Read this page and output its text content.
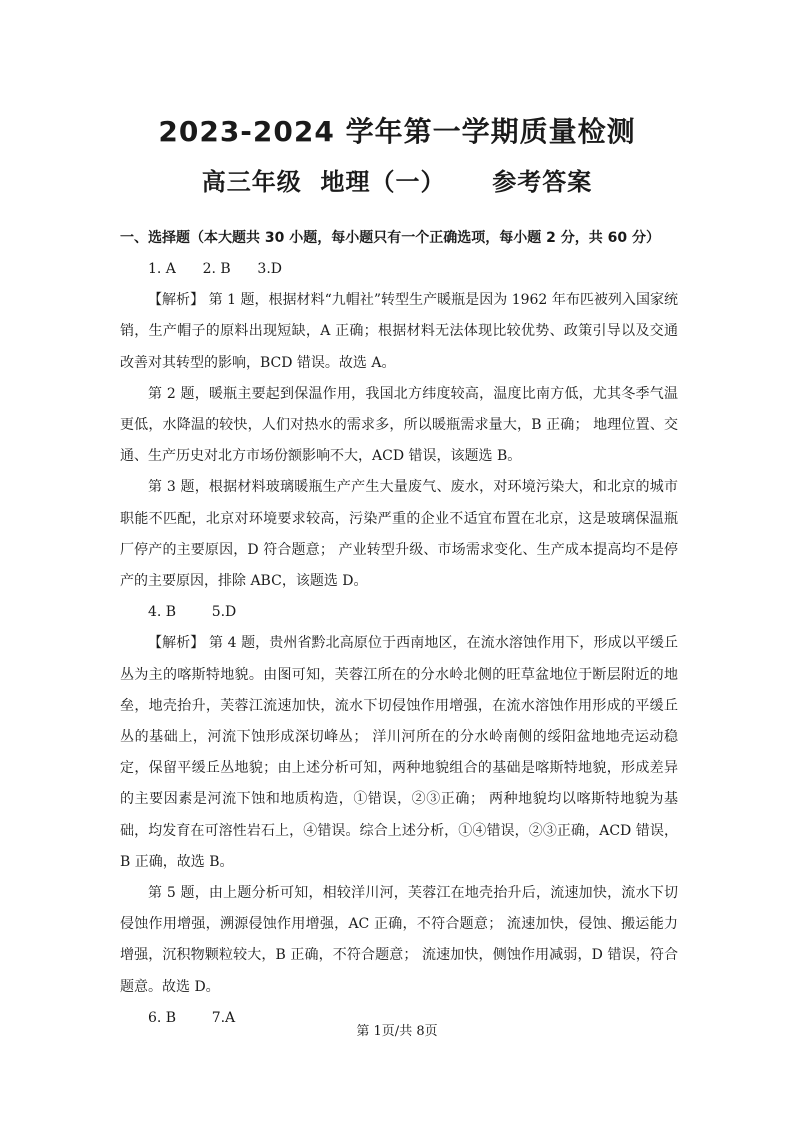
2023-2024 学年第一学期质量检测
高三年级  地理（一）     参考答案
一、选择题（本大题共 30 小题，每小题只有一个正确选项，每小题 2 分，共 60 分）

1. A      2. B      3.D

【解析】 第 1 题，根据材料“九帽社”转型生产暖瓶是因为 1962 年布匹被列入国家统销，生产帽子的原料出现短缺，A 正确；根据材料无法体现比较优势、政策引导以及交通改善对其转型的影响，BCD 错误。故选 A。

第 2 题，暖瓶主要起到保温作用，我国北方纬度较高，温度比南方低，尤其冬季气温更低，水降温的较快，人们对热水的需求多，所以暖瓶需求量大，B 正确； 地理位置、交通、生产历史对北方市场份额影响不大，ACD 错误，该题选 B。

第 3 题，根据材料玻璃暖瓶生产产生大量废气、废水，对环境污染大，和北京的城市职能不匹配，北京对环境要求较高，污染严重的企业不适宜布置在北京，这是玻璃保温瓶厂停产的主要原因，D 符合题意； 产业转型升级、市场需求变化、生产成本提高均不是停产的主要原因，排除 ABC，该题选 D。

4. B        5.D

【解析】 第 4 题，贵州省黔北高原位于西南地区，在流水溶蚀作用下，形成以平缓丘丛为主的喀斯特地貌。由图可知，芙蓉江所在的分水岭北侧的旺草盆地位于断层附近的地垒，地壳抬升，芙蓉江流速加快，流水下切侵蚀作用增强，在流水溶蚀作用形成的平缓丘丛的基础上，河流下蚀形成深切峰丛； 洋川河所在的分水岭南侧的绥阳盆地地壳运动稳定，保留平缓丘丛地貌；由上述分析可知，两种地貌组合的基础是喀斯特地貌，形成差异的主要因素是河流下蚀和地质构造，①错误，②③正确； 两种地貌均以喀斯特地貌为基础，均发育在可溶性岩石上，④错误。综合上述分析，①④错误，②③正确，ACD 错误，B 正确，故选 B。

第 5 题，由上题分析可知，相较洋川河，芙蓉江在地壳抬升后，流速加快，流水下切侵蚀作用增强，溯源侵蚀作用增强，AC 正确，不符合题意； 流速加快，侵蚀、搬运能力增强，沉积物颗粒较大，B 正确，不符合题意； 流速加快，侧蚀作用减弱，D 错误，符合题意。故选 D。

6. B        7.A

第 1页/共 8页
